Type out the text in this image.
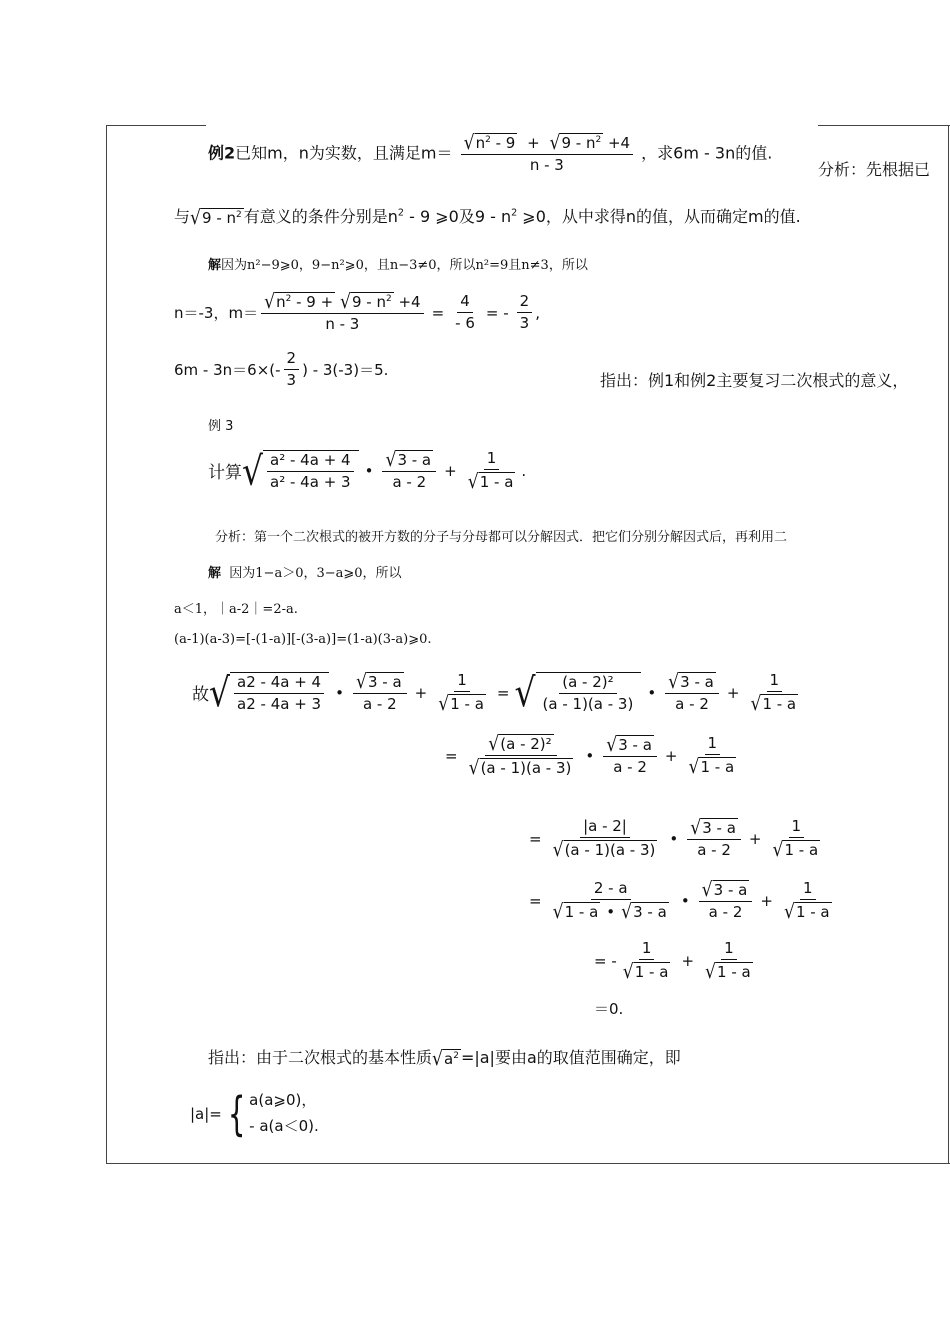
例2已知m，n为实数，且满足$m= \frac{√ n^2 - 9 + √ 9 - n^2 +4}{n - 3}$ ，求6m - 3n的值.
分析：先根据已
与 √ $9 - n^2$ 有意义的条件分别是$n^2 - 9$ ⩾0及$9 - n^2$ ⩾0，从中求得n的值，从而确定m的值.
解因为n²−9⩾0，9−n²⩾0，且n−3≠0，所以n²=9且n≠3，所以
n＝-3，m＝ √ $n^2 - 9$ +
√ $9 - n^2 +4$
$n - 3 = \frac{4}{- 6}$ = - $\frac{2}{3}$ ,
$6m - 3n=6\times(- \frac{2}{3}$ ) - 3(-3)＝5.
指出：例1和例2主要复习二次根式的意义，
例 3
计算 √ $\frac{\text{a² - 4a + 4}}{\text{a² - 4a + 3}}$ • $\frac{√ 3 - a}{a - 2} + \frac{1}{√ 1 - a}$ .
分析：第一个二次根式的被开方数的分子与分母都可以分解因式．把它们分别分解因式后，再利用二
解 因为1−a＞0，3−a⩾0，所以
a＜1，｜a-2｜=2-a.
(a-1)(a-3)=[-(1-a)][-(3-a)]=(1-a)(3-a)⩾0.
故 √ $\frac{a2 - 4a + 4}{a2 - 4a + 3}$ • $\frac{√ 3 - a}{a - 2} + \frac{1}{√ 1 - a}$ = √ $\frac{\text{(a - 2)²}}{(a - 1)(a - 3)}$ • $\frac{√ 3 - a}{a - 2} + \frac{1}{√ 1 - a}$
= $\frac{\text{√ (a - 2)²}}{√ (a - 1)(a - 3)}$ • $\frac{√ 3 - a}{a - 2} + \frac{1}{√ 1 - a}$
= $\frac{|a - 2|}{√ (a - 1)(a - 3)}$ • $\frac{√ 3 - a}{a - 2} + \frac{1}{√ 1 - a}$
= $\frac{2 - a}{√ 1 - a • √ 3 - a}$ • $\frac{√ 3 - a}{a - 2} + \frac{1}{√ 1 - a}$
= - $\frac{1}{√ 1 - a} + \frac{1}{√ 1 - a}$
＝0.
指出：由于二次根式的基本性质 √ $a^2 =|a|$要由a的取值范围确定，即
|a|= { a(a⩾0)，
- a(a＜0).
